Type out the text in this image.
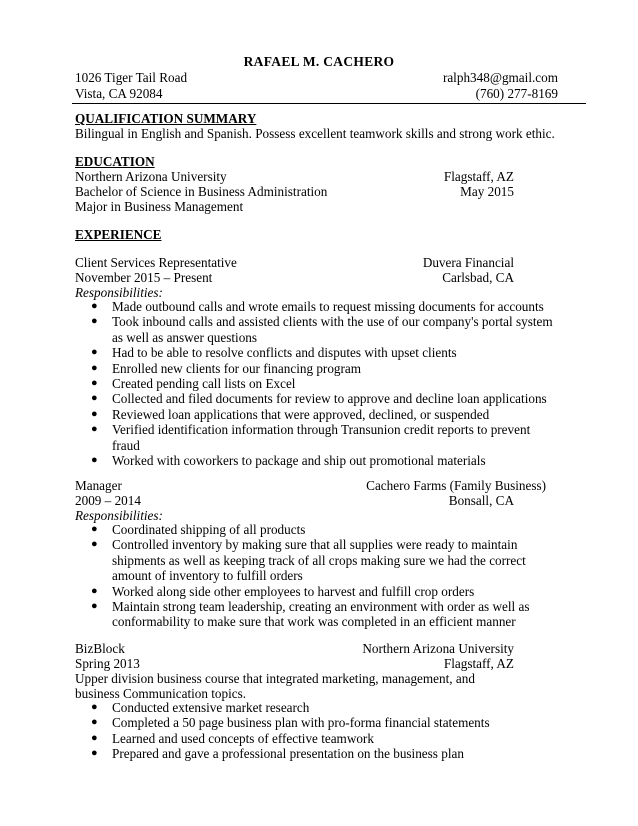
RAFAEL M. CACHERO
1026 Tiger Tail Road
Vista, CA 92084
ralph348@gmail.com
(760) 277-8169
QUALIFICATION SUMMARY
Bilingual in English and Spanish. Possess excellent teamwork skills and strong work ethic.
EDUCATION
Northern Arizona University	Flagstaff, AZ
Bachelor of Science in Business Administration	May 2015
Major in Business Management
EXPERIENCE
Client Services Representative	Duvera Financial
November 2015 – Present	Carlsbad, CA
Responsibilities:
● Made outbound calls and wrote emails to request missing documents for accounts
● Took inbound calls and assisted clients with the use of our company's portal system as well as answer questions
● Had to be able to resolve conflicts and disputes with upset clients
● Enrolled new clients for our financing program
● Created pending call lists on Excel
● Collected and filed documents for review to approve and decline loan applications
● Reviewed loan applications that were approved, declined, or suspended
● Verified identification information through Transunion credit reports to prevent fraud
● Worked with coworkers to package and ship out promotional materials
Manager	Cachero Farms (Family Business)
2009 – 2014	Bonsall, CA
Responsibilities:
● Coordinated shipping of all products
● Controlled inventory by making sure that all supplies were ready to maintain shipments as well as keeping track of all crops making sure we had the correct amount of inventory to fulfill orders
● Worked along side other employees to harvest and fulfill crop orders
● Maintain strong team leadership, creating an environment with order as well as conformability to make sure that work was completed in an efficient manner
BizBlock	Northern Arizona University
Spring 2013	Flagstaff, AZ
Upper division business course that integrated marketing, management, and business Communication topics.
● Conducted extensive market research
● Completed a 50 page business plan with pro-forma financial statements
● Learned and used concepts of effective teamwork
● Prepared and gave a professional presentation on the business plan
